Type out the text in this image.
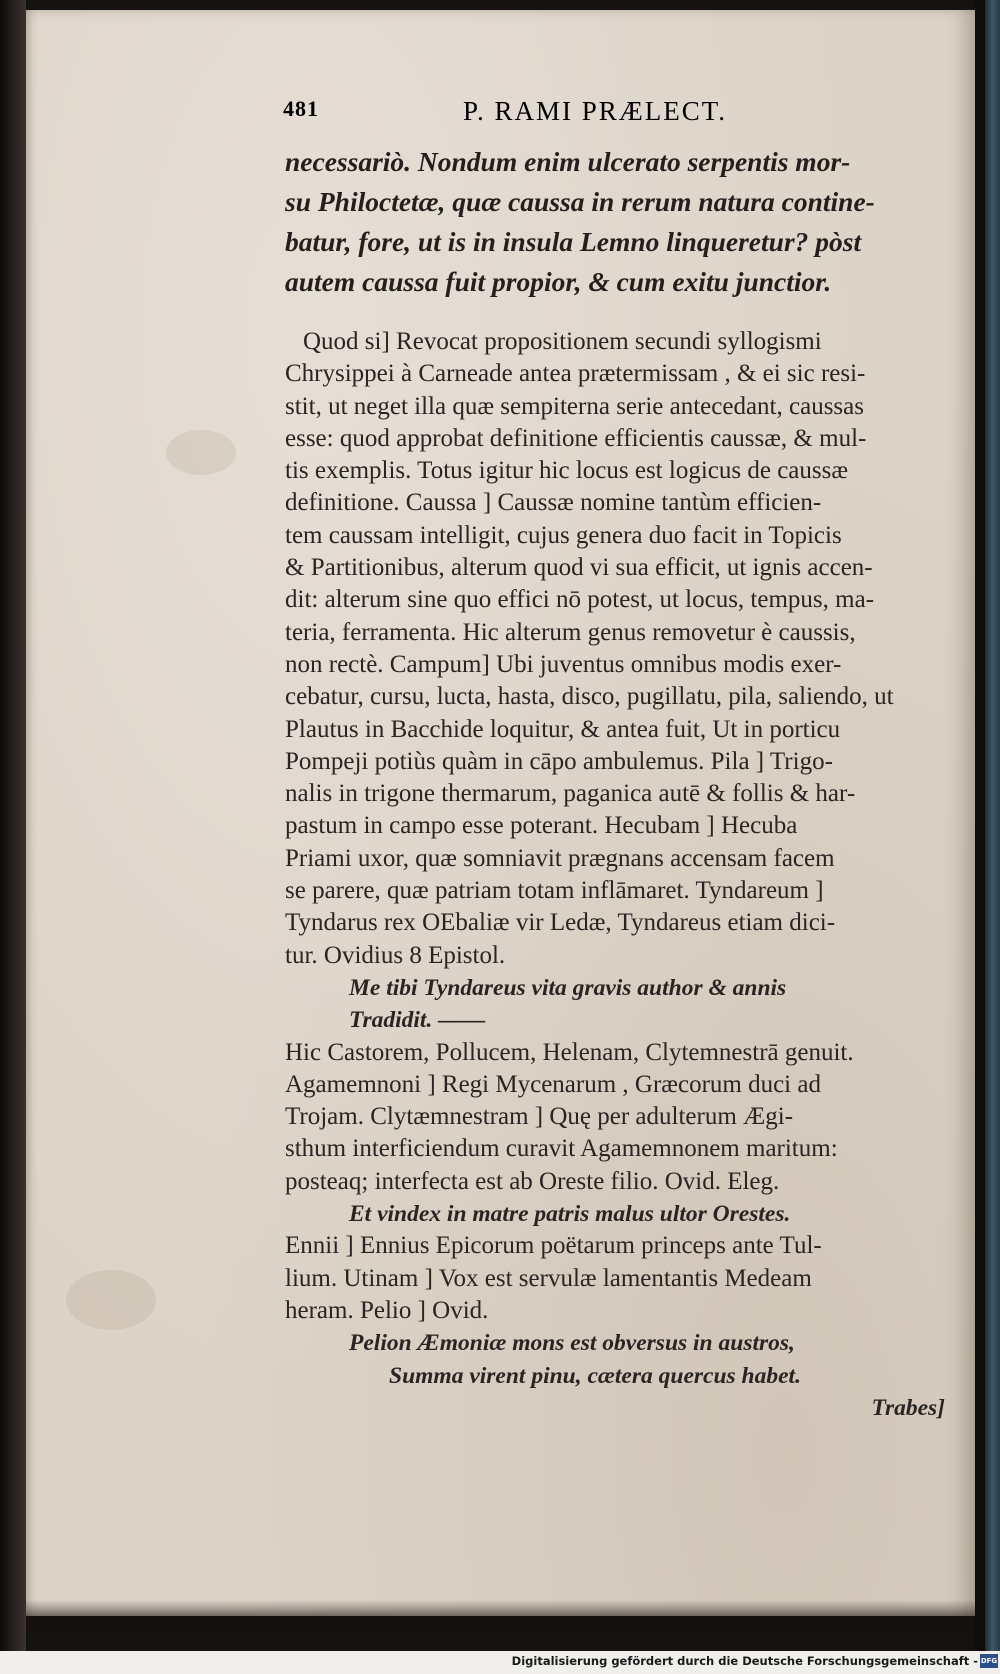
481	P. RAMI PRÆLECT.
necessariò. Nondum enim ulcerato serpentis mor-
su Philoctetæ, quæ caussa in rerum natura contine-
batur, fore, ut is in insula Lemno linqueretur? pòst
autem caussa fuit propior, & cum exitu junctior.
Quod si] Revocat propositionem secundi syllogismi
Chrysippei à Carneade antea prætermissam , & ei sic resi-
stit, ut neget illa quæ sempiterna serie antecedant, caussas
esse: quod approbat definitione efficientis caussæ, & mul-
tis exemplis. Totus igitur hic locus est logicus de caussæ
definitione. Caussa ] Caussæ nomine tantùm efficien-
tem caussam intelligit, cujus genera duo facit in Topicis
& Partitionibus, alterum quod vi sua efficit, ut ignis accen-
dit: alterum sine quo effici nō potest, ut locus, tempus, ma-
teria, ferramenta. Hic alterum genus removetur è caussis,
non rectè. Campum] Ubi juventus omnibus modis exer-
cebatur, cursu, lucta, hasta, disco, pugillatu, pila, saliendo, ut
Plautus in Bacchide loquitur, & antea fuit, Ut in porticu
Pompeji potiùs quàm in cāpo ambulemus. Pila ] Trigo-
nalis in trigone thermarum, paganica autē & follis & har-
pastum in campo esse poterant. Hecubam ] Hecuba
Priami uxor, quæ somniavit prægnans accensam facem
se parere, quæ patriam totam inflāmaret. Tyndareum ]
Tyndarus rex OEbaliæ vir Ledæ, Tyndareus etiam dici-
tur. Ovidius 8 Epistol.
Me tibi Tyndareus vita gravis author & annis
Tradidit. ——
Hic Castorem, Pollucem, Helenam, Clytemnestrā genuit.
Agamemnoni ] Regi Mycenarum , Græcorum duci ad
Trojam. Clytæmnestram ] Quę per adulterum Ægi-
sthum interficiendum curavit Agamemnonem maritum:
posteaq; interfecta est ab Oreste filio. Ovid. Eleg.
Et vindex in matre patris malus ultor Orestes.
Ennii ] Ennius Epicorum poëtarum princeps ante Tul-
lium. Utinam ] Vox est servulæ lamentantis Medeam
heram. Pelio ] Ovid.
Pelion Æmoniæ mons est obversus in austros,
Summa virent pinu, cætera quercus habet.
Trabes]
Digitalisierung gefördert durch die Deutsche Forschungsgemeinschaft - DFG
